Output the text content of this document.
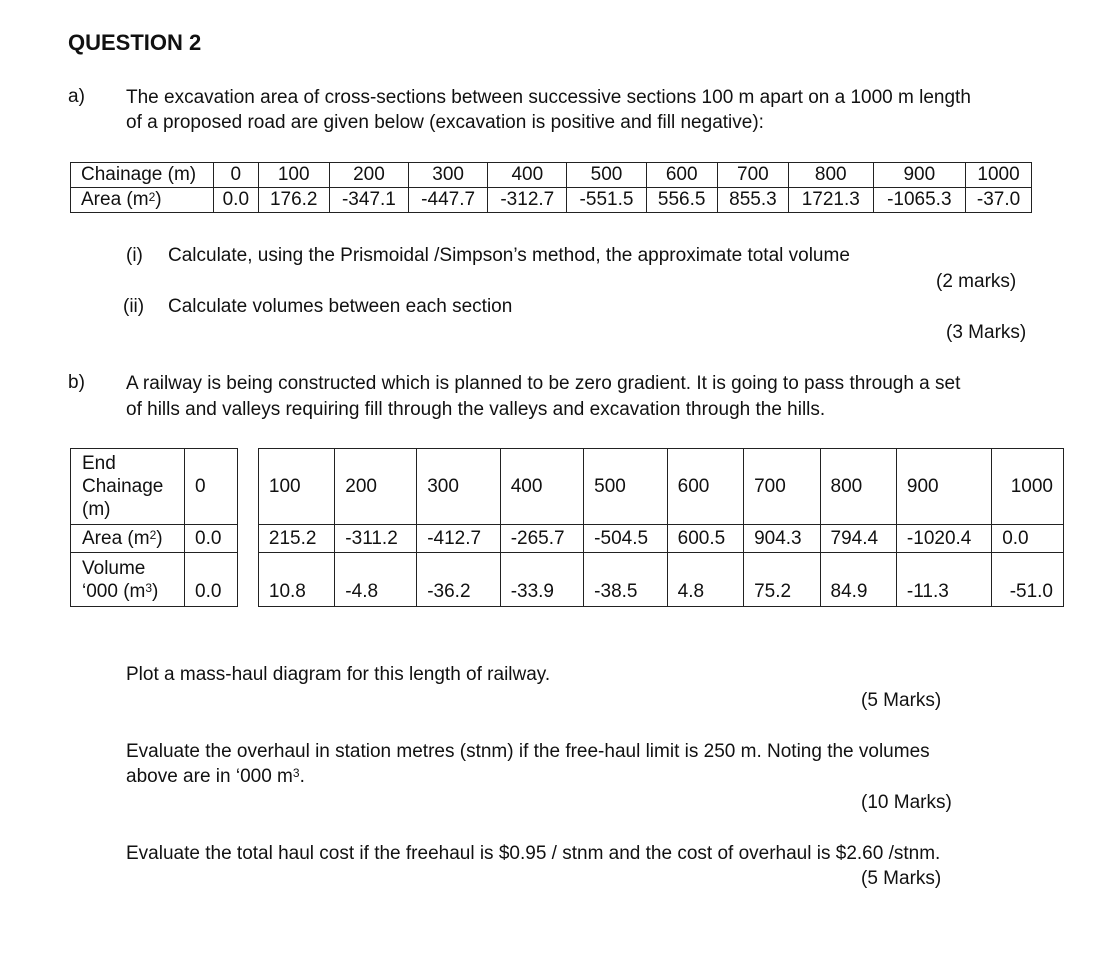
QUESTION 2
a) The excavation area of cross-sections between successive sections 100 m apart on a 1000 m length
of a proposed road are given below (excavation is positive and fill negative):
Chainage (m)	0	100	200	300	400	500	600	700	800	900	1000
Area $(m^2)$	0.0	176.2	-347.1	-447.7	-312.7	-551.5	556.5	855.3	1721.3	-1065.3	-37.0
(i) Calculate, using the Prismoidal /Simpson’s method, the approximate total volume
(2 marks)
(ii) Calculate volumes between each section
(3 Marks)
b) A railway is being constructed which is planned to be zero gradient. It is going to pass through a set
of hills and valleys requiring fill through the valleys and excavation through the hills.
End
Chainage
(m)	0		100	200	300	400	500	600	700	800	900	1000
Area $(m^2)$	0.0		215.2	-311.2	-412.7	-265.7	-504.5	600.5	904.3	794.4	-1020.4	0.0
Volume
‘000 $(m^3)$	0.0		10.8	-4.8	-36.2	-33.9	-38.5	4.8	75.2	84.9	-11.3	-51.0
Plot a mass-haul diagram for this length of railway.
(5 Marks)
Evaluate the overhaul in station metres (stnm) if the free-haul limit is 250 m. Noting the volumes
above are in ‘000 $m^3$.
(10 Marks)
Evaluate the total haul cost if the freehaul is $0.95 / stnm and the cost of overhaul is $2.60 /stnm.
(5 Marks)
